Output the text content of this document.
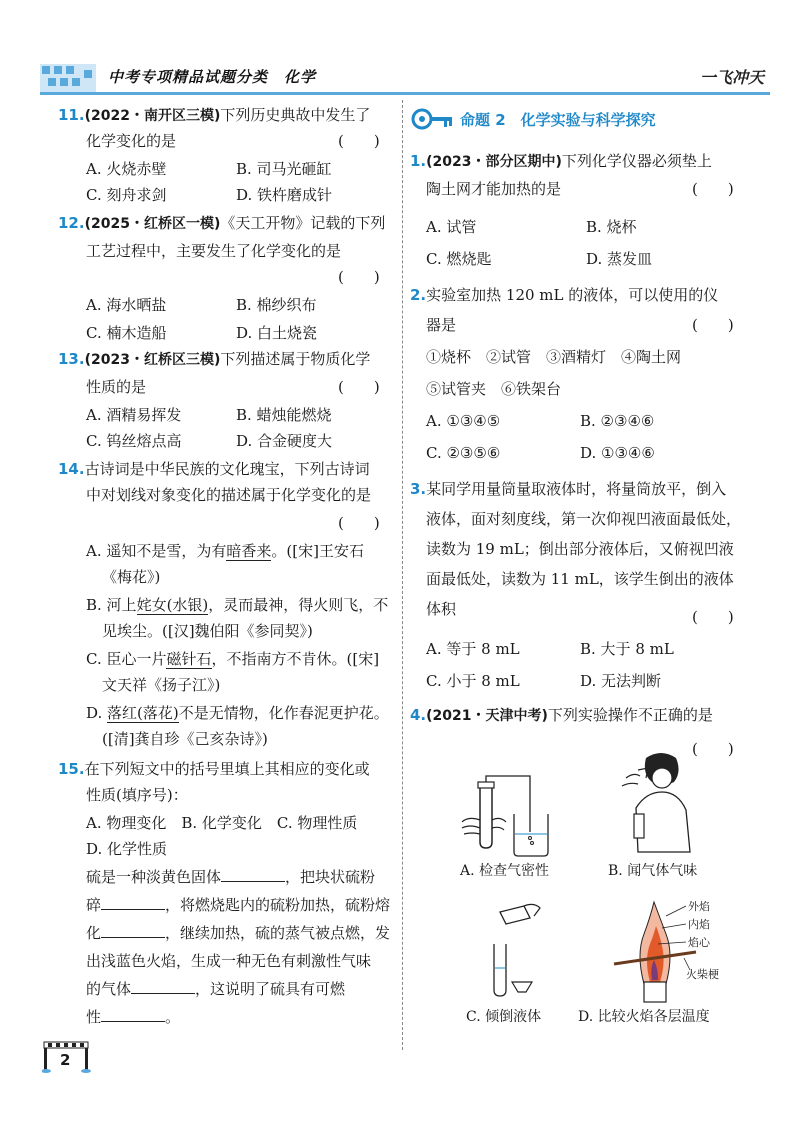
中考专项精品试题分类　化学	一飞冲天
11.(2022・南开区三模)下列历史典故中发生了
化学变化的是	(　　)
A. 火烧赤壁	B. 司马光砸缸
C. 刻舟求剑	D. 铁杵磨成针
12.(2025・红桥区一模)《天工开物》记载的下列
工艺过程中，主要发生了化学变化的是
(　　)
A. 海水晒盐	B. 棉纱织布
C. 楠木造船	D. 白土烧瓷
13.(2023・红桥区三模)下列描述属于物质化学
性质的是	(　　)
A. 酒精易挥发	B. 蜡烛能燃烧
C. 钨丝熔点高	D. 合金硬度大
14.古诗词是中华民族的文化瑰宝，下列古诗词
中对划线对象变化的描述属于化学变化的是
(　　)
A. 遥知不是雪，为有暗香来。([宋]王安石
《梅花》)
B. 河上姹女(水银)，灵而最神，得火则飞，不
见埃尘。([汉]魏伯阳《参同契》)
C. 臣心一片磁针石，不指南方不肯休。([宋]
文天祥《扬子江》)
D. 落红(落花)不是无情物，化作春泥更护花。
([清]龚自珍《己亥杂诗》)
15.在下列短文中的括号里填上其相应的变化或
性质(填序号)：
A. 物理变化　B. 化学变化　C. 物理性质
D. 化学性质
硫是一种淡黄色固体	，把块状硫粉
碎	，将燃烧匙内的硫粉加热，硫粉熔
化	，继续加热，硫的蒸气被点燃，发
出浅蓝色火焰，生成一种无色有刺激性气味
的气体	，这说明了硫具有可燃
性	。
命题 2　化学实验与科学探究
1.(2023・部分区期中)下列化学仪器必须垫上
陶土网才能加热的是	(　　)
A. 试管	B. 烧杯
C. 燃烧匙	D. 蒸发皿
2.实验室加热 120 mL 的液体，可以使用的仪
器是	(　　)
①烧杯　②试管　③酒精灯　④陶土网
⑤试管夹　⑥铁架台
A. ①③④⑤	B. ②③④⑥
C. ②③⑤⑥	D. ①③④⑥
3.某同学用量筒量取液体时，将量筒放平，倒入
液体，面对刻度线，第一次仰视凹液面最低处，
读数为 19 mL；倒出部分液体后，又俯视凹液
面最低处，读数为 11 mL，该学生倒出的液体
体积	(　　)
A. 等于 8 mL	B. 大于 8 mL
C. 小于 8 mL	D. 无法判断
4.(2021・天津中考)下列实验操作不正确的是
(　　)
A. 检查气密性	B. 闻气体气味
C. 倾倒液体
外焰
内焰
焰心
火柴梗
D. 比较火焰各层温度
2
